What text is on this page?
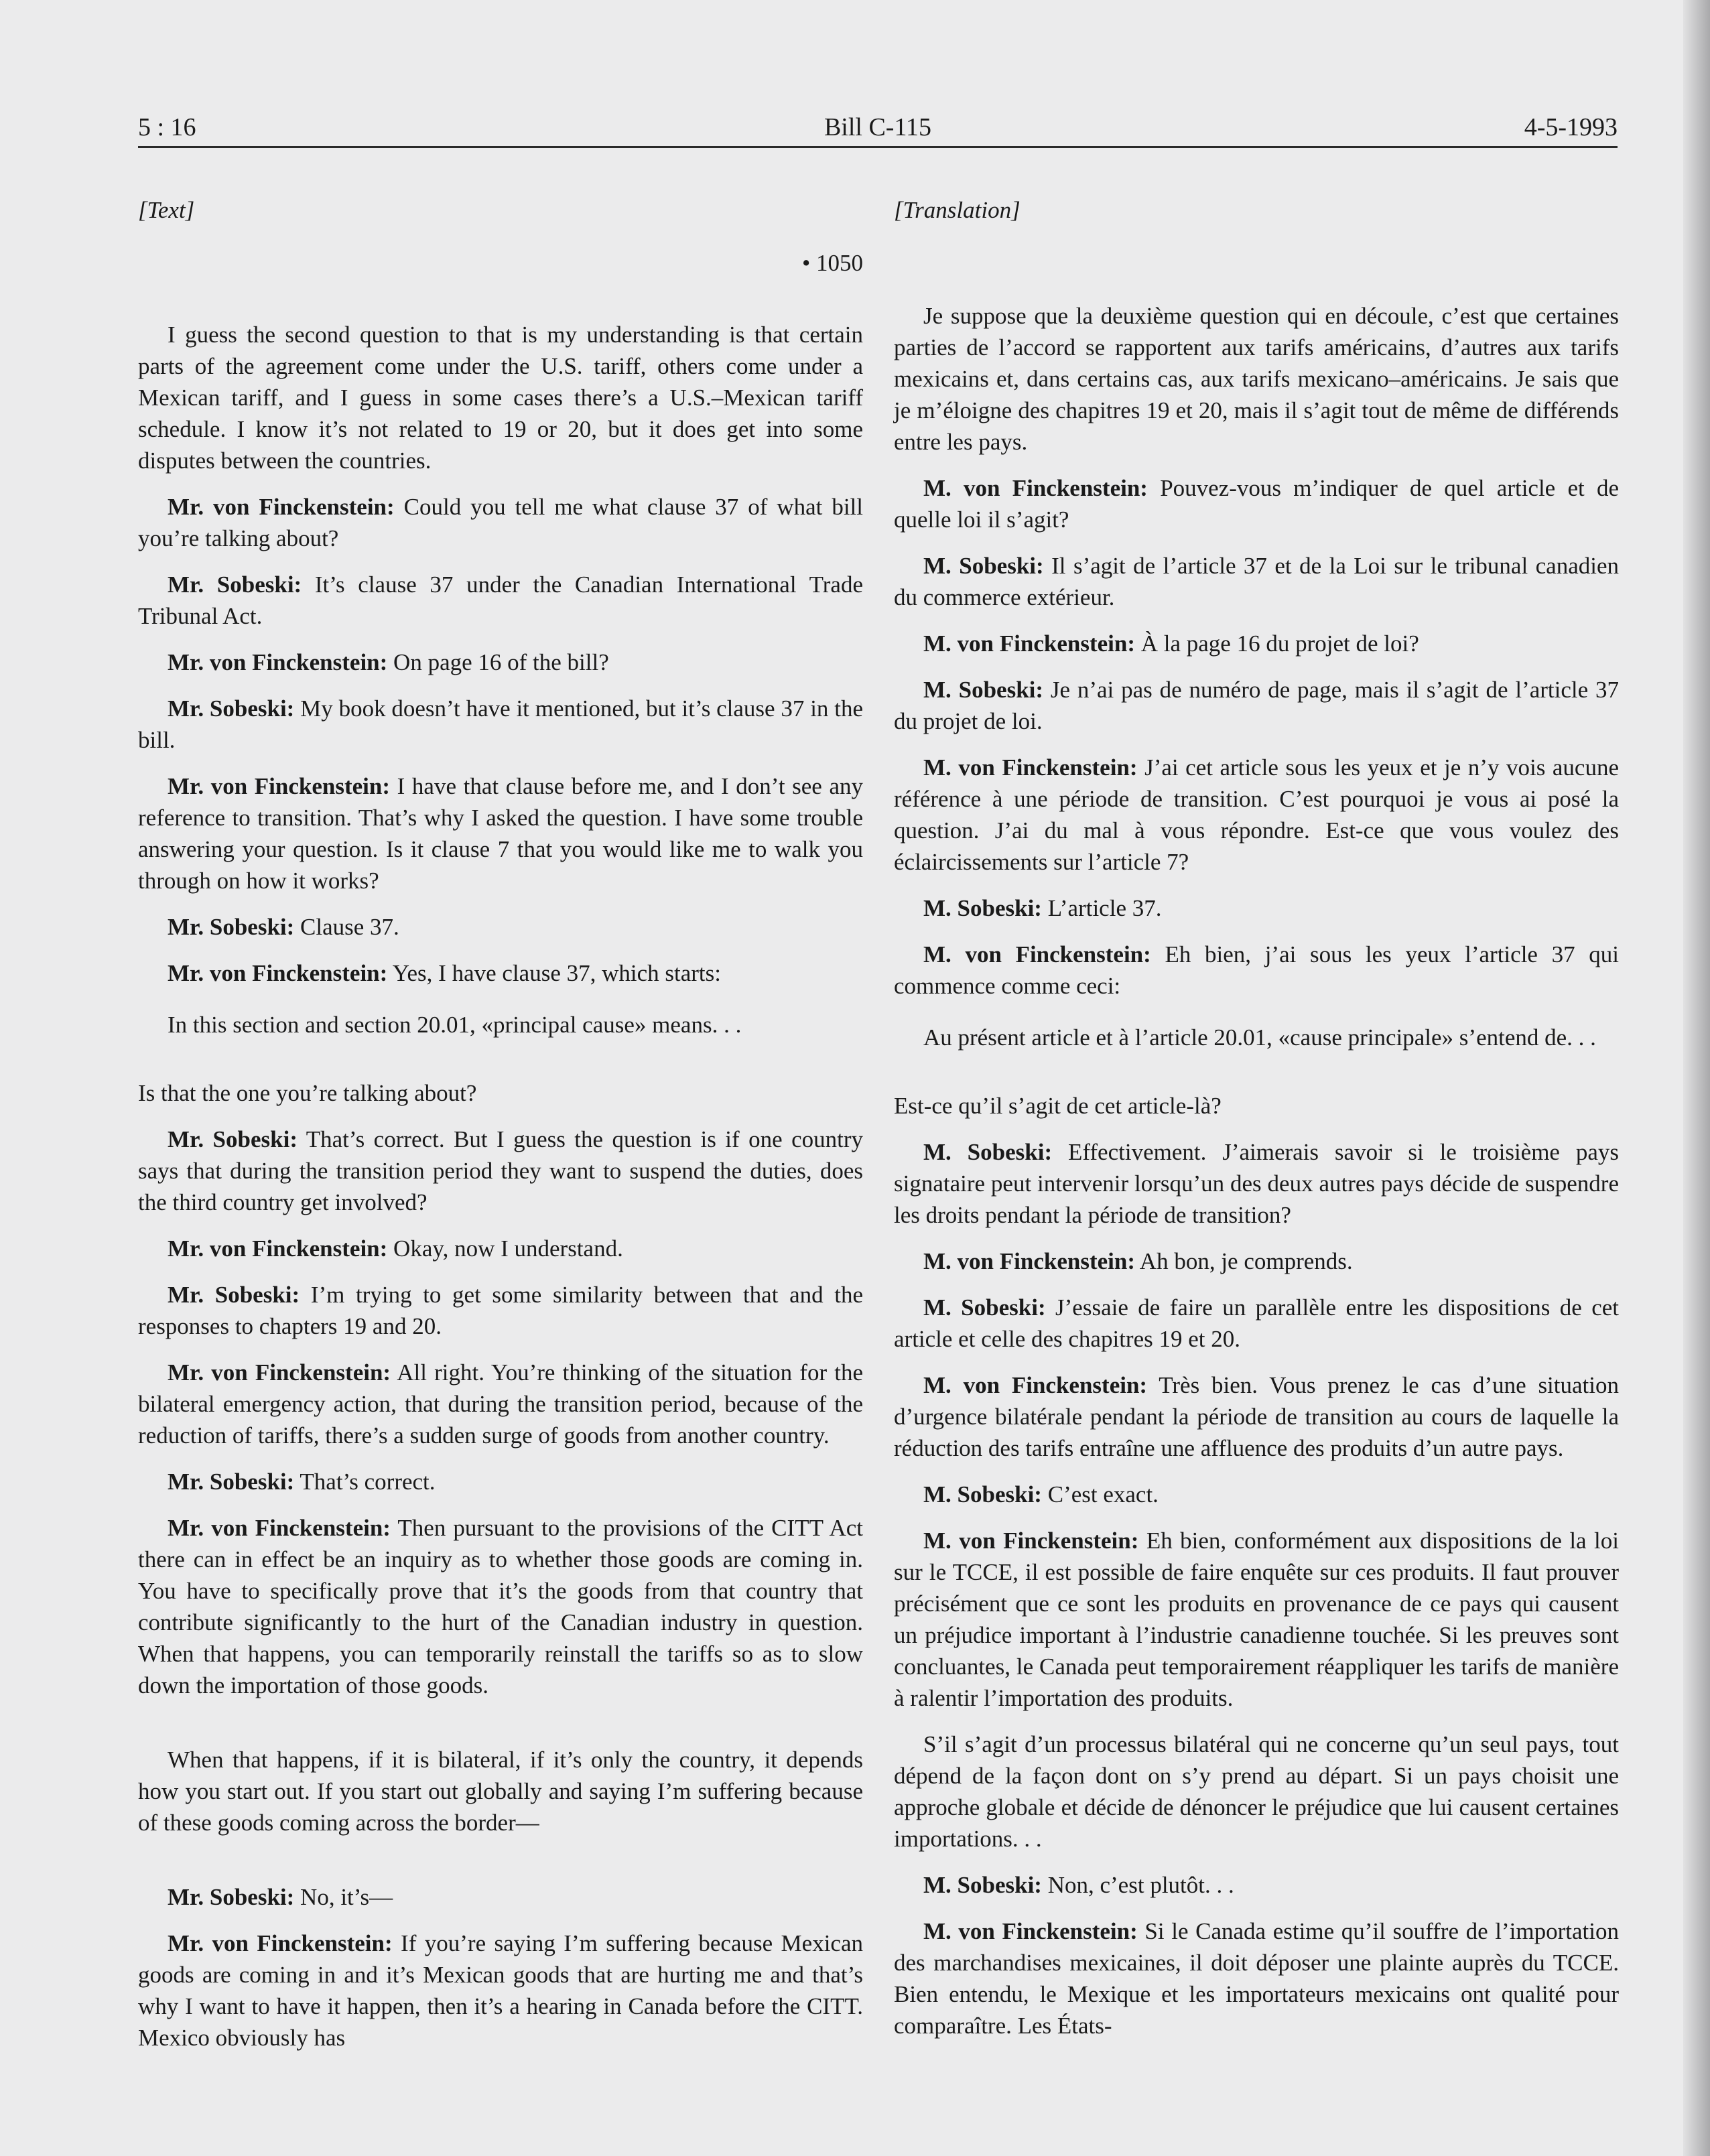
5 : 16	Bill C-115	4-5-1993

[Text]

• 1050

I guess the second question to that is my understanding is that certain parts of the agreement come under the U.S. tariff, others come under a Mexican tariff, and I guess in some cases there’s a U.S.–Mexican tariff schedule. I know it’s not related to 19 or 20, but it does get into some disputes between the countries.

Mr. von Finckenstein: Could you tell me what clause 37 of what bill you’re talking about?

Mr. Sobeski: It’s clause 37 under the Canadian International Trade Tribunal Act.

Mr. von Finckenstein: On page 16 of the bill?

Mr. Sobeski: My book doesn’t have it mentioned, but it’s clause 37 in the bill.

Mr. von Finckenstein: I have that clause before me, and I don’t see any reference to transition. That’s why I asked the question. I have some trouble answering your question. Is it clause 7 that you would like me to walk you through on how it works?

Mr. Sobeski: Clause 37.

Mr. von Finckenstein: Yes, I have clause 37, which starts:

In this section and section 20.01, «principal cause» means. . .

Is that the one you’re talking about?

Mr. Sobeski: That’s correct. But I guess the question is if one country says that during the transition period they want to suspend the duties, does the third country get involved?

Mr. von Finckenstein: Okay, now I understand.

Mr. Sobeski: I’m trying to get some similarity between that and the responses to chapters 19 and 20.

Mr. von Finckenstein: All right. You’re thinking of the situation for the bilateral emergency action, that during the transition period, because of the reduction of tariffs, there’s a sudden surge of goods from another country.

Mr. Sobeski: That’s correct.

Mr. von Finckenstein: Then pursuant to the provisions of the CITT Act there can in effect be an inquiry as to whether those goods are coming in. You have to specifically prove that it’s the goods from that country that contribute significantly to the hurt of the Canadian industry in question. When that happens, you can temporarily reinstall the tariffs so as to slow down the importation of those goods.

When that happens, if it is bilateral, if it’s only the country, it depends how you start out. If you start out globally and saying I’m suffering because of these goods coming across the border—

Mr. Sobeski: No, it’s—

Mr. von Finckenstein: If you’re saying I’m suffering because Mexican goods are coming in and it’s Mexican goods that are hurting me and that’s why I want to have it happen, then it’s a hearing in Canada before the CITT. Mexico obviously has

[Translation]

Je suppose que la deuxième question qui en découle, c’est que certaines parties de l’accord se rapportent aux tarifs américains, d’autres aux tarifs mexicains et, dans certains cas, aux tarifs mexicano–américains. Je sais que je m’éloigne des chapitres 19 et 20, mais il s’agit tout de même de différends entre les pays.

M. von Finckenstein: Pouvez-vous m’indiquer de quel article et de quelle loi il s’agit?

M. Sobeski: Il s’agit de l’article 37 et de la Loi sur le tribunal canadien du commerce extérieur.

M. von Finckenstein: À la page 16 du projet de loi?

M. Sobeski: Je n’ai pas de numéro de page, mais il s’agit de l’article 37 du projet de loi.

M. von Finckenstein: J’ai cet article sous les yeux et je n’y vois aucune référence à une période de transition. C’est pourquoi je vous ai posé la question. J’ai du mal à vous répondre. Est-ce que vous voulez des éclaircissements sur l’article 7?

M. Sobeski: L’article 37.

M. von Finckenstein: Eh bien, j’ai sous les yeux l’article 37 qui commence comme ceci:

Au présent article et à l’article 20.01, «cause principale» s’entend de. . .

Est-ce qu’il s’agit de cet article-là?

M. Sobeski: Effectivement. J’aimerais savoir si le troisième pays signataire peut intervenir lorsqu’un des deux autres pays décide de suspendre les droits pendant la période de transition?

M. von Finckenstein: Ah bon, je comprends.

M. Sobeski: J’essaie de faire un parallèle entre les dispositions de cet article et celle des chapitres 19 et 20.

M. von Finckenstein: Très bien. Vous prenez le cas d’une situation d’urgence bilatérale pendant la période de transition au cours de laquelle la réduction des tarifs entraîne une affluence des produits d’un autre pays.

M. Sobeski: C’est exact.

M. von Finckenstein: Eh bien, conformément aux dispositions de la loi sur le TCCE, il est possible de faire enquête sur ces produits. Il faut prouver précisément que ce sont les produits en provenance de ce pays qui causent un préjudice important à l’industrie canadienne touchée. Si les preuves sont concluantes, le Canada peut temporairement réappliquer les tarifs de manière à ralentir l’importation des produits.

S’il s’agit d’un processus bilatéral qui ne concerne qu’un seul pays, tout dépend de la façon dont on s’y prend au départ. Si un pays choisit une approche globale et décide de dénoncer le préjudice que lui causent certaines importations. . .

M. Sobeski: Non, c’est plutôt. . .

M. von Finckenstein: Si le Canada estime qu’il souffre de l’importation des marchandises mexicaines, il doit déposer une plainte auprès du TCCE. Bien entendu, le Mexique et les importateurs mexicains ont qualité pour comparaître. Les États-
